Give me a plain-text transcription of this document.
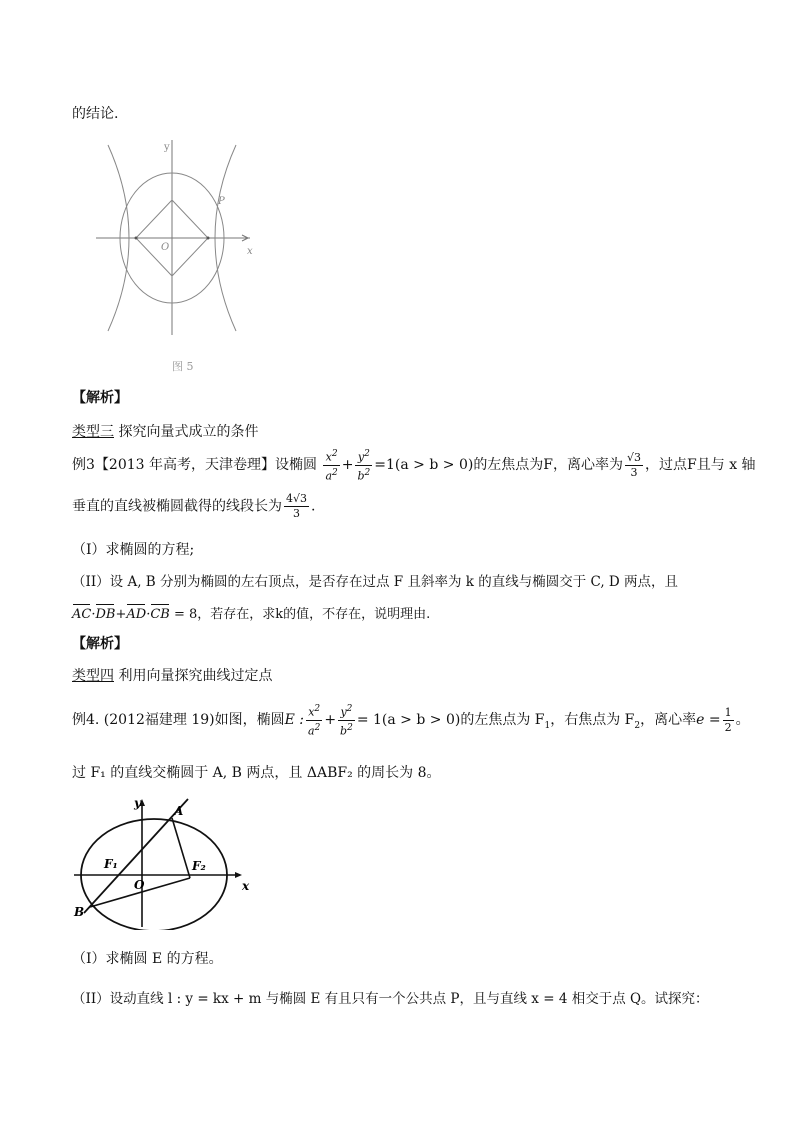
的结论.
y
x
O
P
图 5
【解析】
类型三 探究向量式成立的条件
例3【2013 年高考，天津卷理】设椭圆 $\frac{x^2}{a^2} + \frac{y^2}{b^2} =1(a > b > 0)$的左焦点为F，离心率为 $\frac{√3}{3}$ ，过点F且与 x 轴
垂直的直线被椭圆截得的线段长为 $\frac{4√3}{3}$ .
（I）求椭圆的方程;
（II）设 A, B 分别为椭圆的左右顶点，是否存在过点 F 且斜率为 k 的直线与椭圆交于 C, D 两点，且
AC·DB+AD·CB = 8，若存在，求k的值，不存在，说明理由.
【解析】
类型四 利用向量探究曲线过定点
例4. (2012福建理 19)如图，椭圆E : $\frac{x^2}{a^2} + \frac{y^2}{b^2} = 1(a > b > 0)$的左焦点为 $F_1$，右焦点为 $F_2$，离心率$e = \frac{1}{2}$ 。
过 F₁ 的直线交椭圆于 A, B 两点，且 ΔABF₂ 的周长为 8。
y
x
A
B
F₁	F₂
O
（I）求椭圆 E 的方程。
（II）设动直线 l : y = kx + m 与椭圆 E 有且只有一个公共点 P，且与直线 x = 4 相交于点 Q。试探究：
